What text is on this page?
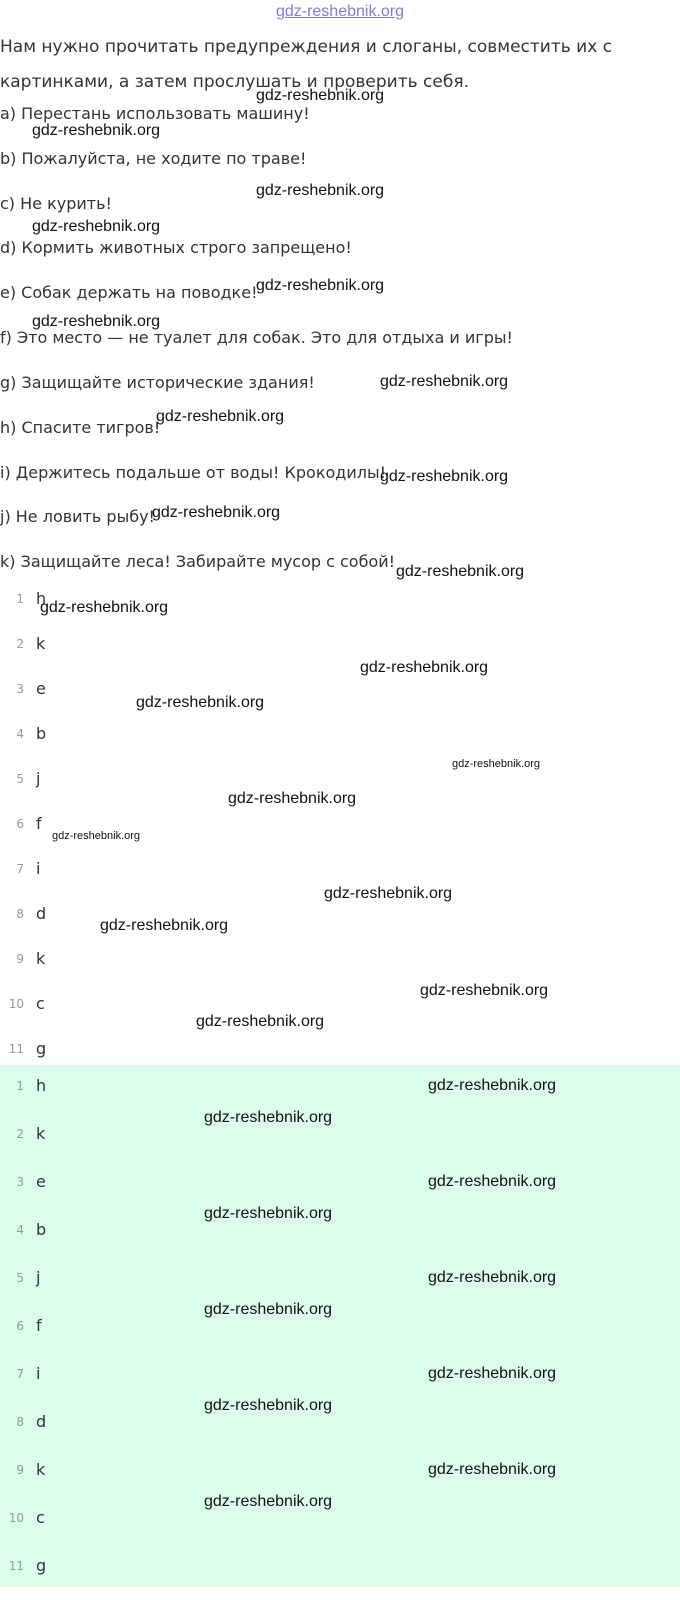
gdz-reshebnik.org
Нам нужно прочитать предупреждения и слоганы, совместить их с картинками, а затем прослушать и проверить себя.
a) Перестань использовать машину!
b) Пожалуйста, не ходите по траве!
c) Не курить!
d) Кормить животных строго запрещено!
e) Собак держать на поводке!
f) Это место — не туалет для собак. Это для отдыха и игры!
g) Защищайте исторические здания!
h) Спасите тигров!
i) Держитесь подальше от воды! Крокодилы!
j) Не ловить рыбу!
k) Защищайте леса! Забирайте мусор с собой!
1 h
2 k
3 e
4 b
5 j
6 f
7 i
8 d
9 k
10 c
11 g
1 h
2 k
3 e
4 b
5 j
6 f
7 i
8 d
9 k
10 c
11 g
gdz-reshebnik.org
gdz-reshebnik.org
gdz-reshebnik.org
gdz-reshebnik.org
gdz-reshebnik.org
gdz-reshebnik.org
gdz-reshebnik.org
gdz-reshebnik.org
gdz-reshebnik.org
gdz-reshebnik.org
gdz-reshebnik.org
gdz-reshebnik.org
gdz-reshebnik.org
gdz-reshebnik.org
gdz-reshebnik.org
gdz-reshebnik.org
gdz-reshebnik.org
gdz-reshebnik.org
gdz-reshebnik.org
gdz-reshebnik.org
gdz-reshebnik.org
gdz-reshebnik.org
gdz-reshebnik.org
gdz-reshebnik.org
gdz-reshebnik.org
gdz-reshebnik.org
gdz-reshebnik.org
gdz-reshebnik.org
gdz-reshebnik.org
gdz-reshebnik.org
gdz-reshebnik.org
